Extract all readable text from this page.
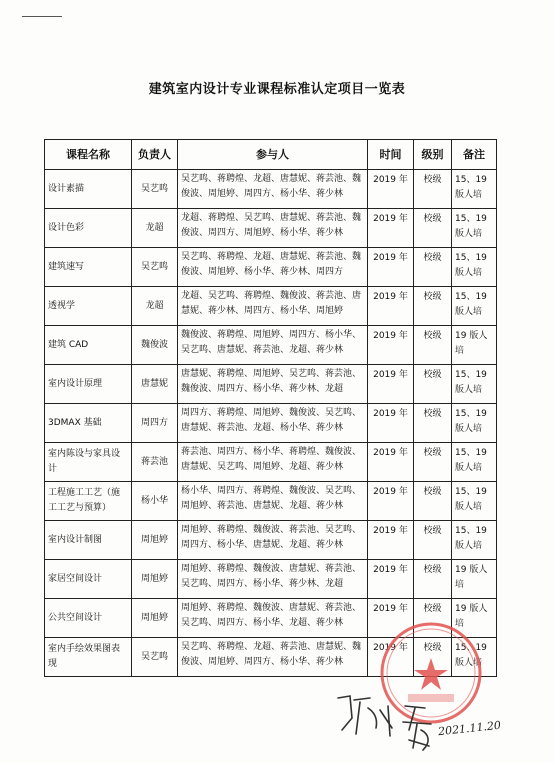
建筑室内设计专业课程标准认定项目一览表
课程名称	负责人	参与人	时间	级别	备注
设计素描	吴艺鸣	吴艺鸣、蒋聘煌、龙超、唐慧妮、蒋芸池、魏俊波、周旭婷、周四方、杨小华、蒋少林	2019 年	校级	15、19 版人培
设计色彩	龙超	龙超、蒋聘煌、吴艺鸣、唐慧妮、蒋芸池、魏俊波、周四方、周旭婷、杨小华、蒋少林	2019 年	校级	15、19 版人培
建筑速写	吴艺鸣	吴艺鸣、蒋聘煌、龙超、唐慧妮、蒋芸池、魏俊波、周旭婷、杨小华、蒋少林、周四方	2019 年	校级	15、19 版人培
透视学	龙超	龙超、吴艺鸣、蒋聘煌、魏俊波、蒋芸池、唐慧妮、蒋少林、周四方、杨小华、周旭婷	2019 年	校级	15、19 版人培
建筑 CAD	魏俊波	魏俊波、蒋聘煌、周旭婷、周四方、杨小华、吴艺鸣、唐慧妮、蒋芸池、龙超、蒋少林	2019 年	校级	19 版人培
室内设计原理	唐慧妮	唐慧妮、蒋聘煌、周旭婷、吴艺鸣、蒋芸池、魏俊波、周四方、杨小华、蒋少林、龙超	2019 年	校级	15、19 版人培
3DMAX 基础	周四方	周四方、蒋聘煌、周旭婷、魏俊波、吴艺鸣、唐慧妮、蒋芸池、龙超、杨小华、蒋少林	2019 年	校级	15、19 版人培
室内陈设与家具设计	蒋芸池	蒋芸池、周四方、杨小华、蒋聘煌、魏俊波、唐慧妮、吴艺鸣、周旭婷、龙超、蒋少林	2019 年	校级	15、19 版人培
工程施工工艺（施工工艺与预算）	杨小华	杨小华、周四方、蒋聘煌、魏俊波、吴艺鸣、周旭婷、蒋芸池、唐慧妮、龙超、蒋少林	2019 年	校级	15、19 版人培
室内设计制图	周旭婷	周旭婷、蒋聘煌、魏俊波、蒋芸池、吴艺鸣、周四方、杨小华、唐慧妮、龙超、蒋少林	2019 年	校级	15、19 版人培
家居空间设计	周旭婷	周旭婷、蒋聘煌、魏俊波、唐慧妮、蒋芸池、吴艺鸣、周四方、杨小华、蒋少林、龙超	2019 年	校级	19 版人培
公共空间设计	周旭婷	周旭婷、蒋聘煌、魏俊波、唐慧妮、蒋芸池、吴艺鸣、周四方、杨小华、龙超、蒋少林	2019 年	校级	19 版人培
室内手绘效果图表现	吴艺鸣	吴艺鸣、蒋聘煌、龙超、蒋芸池、唐慧妮、魏俊波、周旭婷、周四方、杨小华、蒋少林	2019 年	校级	15、19 版人培
2021.11.20
